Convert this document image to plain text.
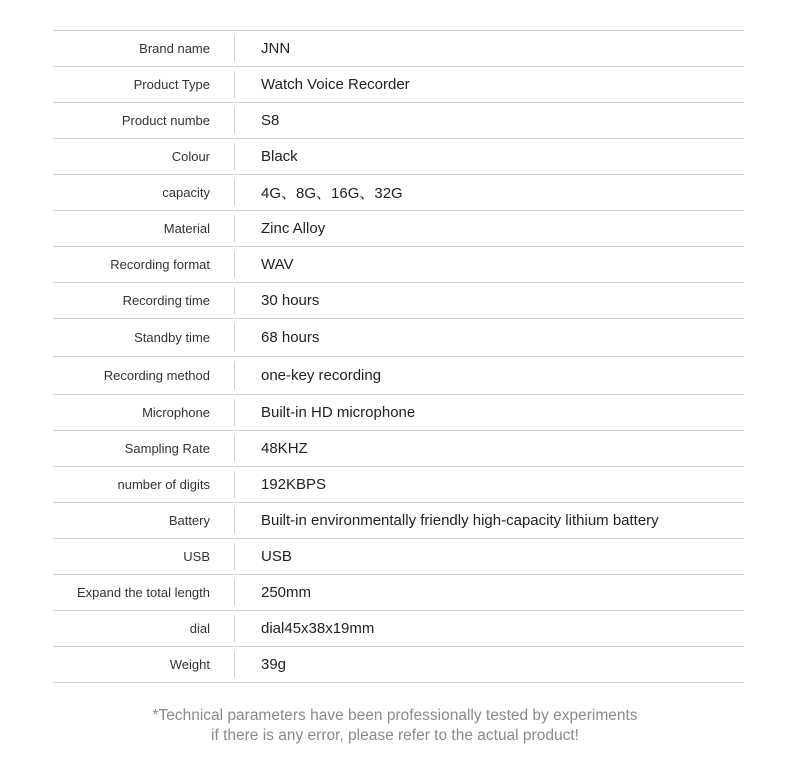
Brand name	JNN
Product Type	Watch Voice Recorder
Product numbe	S8
Colour	Black
capacity	4G、8G、16G、32G
Material	Zinc Alloy
Recording format	WAV
Recording time	30 hours
Standby time	68 hours
Recording method	one-key recording
Microphone	Built-in HD microphone
Sampling Rate	48KHZ
number of digits	192KBPS
Battery	Built-in environmentally friendly high-capacity lithium battery
USB	USB
Expand the total length	250mm
dial	dial45x38x19mm
Weight	39g
*Technical parameters have been professionally tested by experiments
if there is any error, please refer to the actual product!
